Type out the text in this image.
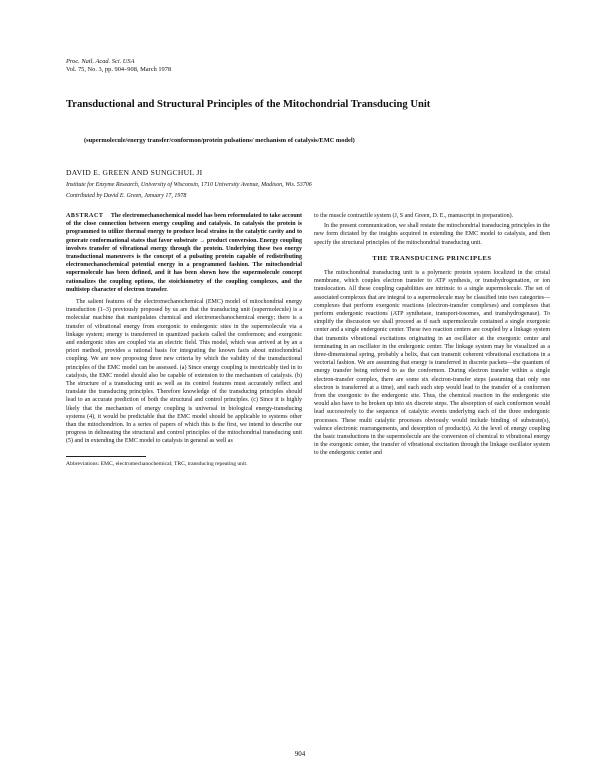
Proc. Natl. Acad. Sci. USA
Vol. 75, No. 3, pp. 904–908, March 1978
Transductional and Structural Principles of the Mitochondrial Transducing Unit
(supermolecule/energy transfer/conformon/protein pulsations/ mechanism of catalysis/EMC model)
DAVID E. GREEN AND SUNGCHUL JI
Institute for Enzyme Research, University of Wisconsin, 1710 University Avenue, Madison, Wis. 53706
Contributed by David E. Green, January 17, 1978

ABSTRACT The electromechanochemical model has been reformulated to take account of the close connection between energy coupling and catalysis. In catalysis the protein is programmed to utilize thermal energy to produce local strains in the catalytic cavity and to generate conformational states that favor substrate → product conversion. Energy coupling involves transfer of vibrational energy through the protein. Underlying these two energy transductional maneuvers is the concept of a pulsating protein capable of redistributing electromechanochemical potential energy in a programmed fashion. The mitochondrial supermolecule has been defined, and it has been shown how the supermolecule concept rationalizes the coupling options, the stoichiometry of the coupling complexes, and the multistep character of electron transfer.

The salient features of the electromechanochemical (EMC) model of mitochondrial energy transduction (1–3) previously proposed by us are that the transducing unit (supermolecule) is a molecular machine that manipulates chemical and electromechanochemical energy; there is a transfer of vibrational energy from exergonic to endergonic sites in the supermolecule via a linkage system; energy is transferred in quantized packets called the conformon; and exergonic and endergonic sites are coupled via an electric field. This model, which was arrived at by an a priori method, provides a rational basis for integrating the known facts about mitochondrial coupling. We are now proposing three new criteria by which the validity of the transductional principles of the EMC model can be assessed. (a) Since energy coupling is inextricably tied in to catalysis, the EMC model should also be capable of extension to the mechanism of catalysis. (b) The structure of a transducing unit as well as its control features must accurately reflect and translate the transducing principles. Therefore knowledge of the transducing principles should lead to an accurate prediction of both the structural and control principles. (c) Since it is highly likely that the mechanism of energy coupling is universal in biological energy-transducing systems (4), it would be predictable that the EMC model should be applicable to systems other than the mitochondrion. In a series of papers of which this is the first, we intend to describe our progress in delineating the structural and control principles of the mitochondrial transducing unit (5) and in extending the EMC model to catalysis in general as well as

Abbreviations: EMC, electromechanochemical; TRC, transducing repeating unit.

to the muscle contractile system (J, S and Green, D. E., manuscript in preparation).

In the present communication, we shall restate the mitochondrial transducing principles in the new form dictated by the insights acquired in extending the EMC model to catalysis, and then specify the structural principles of the mitochondrial transducing unit.

THE TRANSDUCING PRINCIPLES

The mitochondrial transducing unit is a polymeric protein system localized in the cristal membrane, which couples electron transfer to ATP synthesis, or transhydrogenation, or ion translocation. All these coupling capabilities are intrinsic to a single supermolecule. The set of associated complexes that are integral to a supermolecule may be classified into two categories—complexes that perform exergonic reactions (electron-transfer complexes) and complexes that perform endergonic reactions (ATP synthetase, transport-tosomes, and transhydrogenase). To simplify the discussion we shall proceed as if each supermolecule contained a single exergonic center and a single endergonic center. These two reaction centers are coupled by a linkage system that transmits vibrational excitations originating in an oscillator at the exergonic center and terminating in an oscillator in the endergonic center. The linkage system may be visualized as a three-dimensional spring, probably a helix, that can transmit coherent vibrational excitations in a vectorial fashion. We are assuming that energy is transferred in discrete packets—the quantum of energy transfer being referred to as the conformon. During electron transfer within a single electron-transfer complex, there are some six electron-transfer steps (assuming that only one electron is transferred at a time), and each such step would lead to the transfer of a conformon from the exergonic to the endergonic site. Thus, the chemical reaction in the endergonic site would also have to be broken up into six discrete steps. The absorption of each conformon would lead successively to the sequence of catalytic events underlying each of the three endergonic processes. These multi catalytic processes obviously would include binding of substrate(s), valence electronic rearrangements, and desorption of product(s). At the level of energy coupling the basic transductions in the supermolecule are the conversion of chemical to vibrational energy in the exergonic center, the transfer of vibrational excitation through the linkage oscillator system to the endergonic center and

904
